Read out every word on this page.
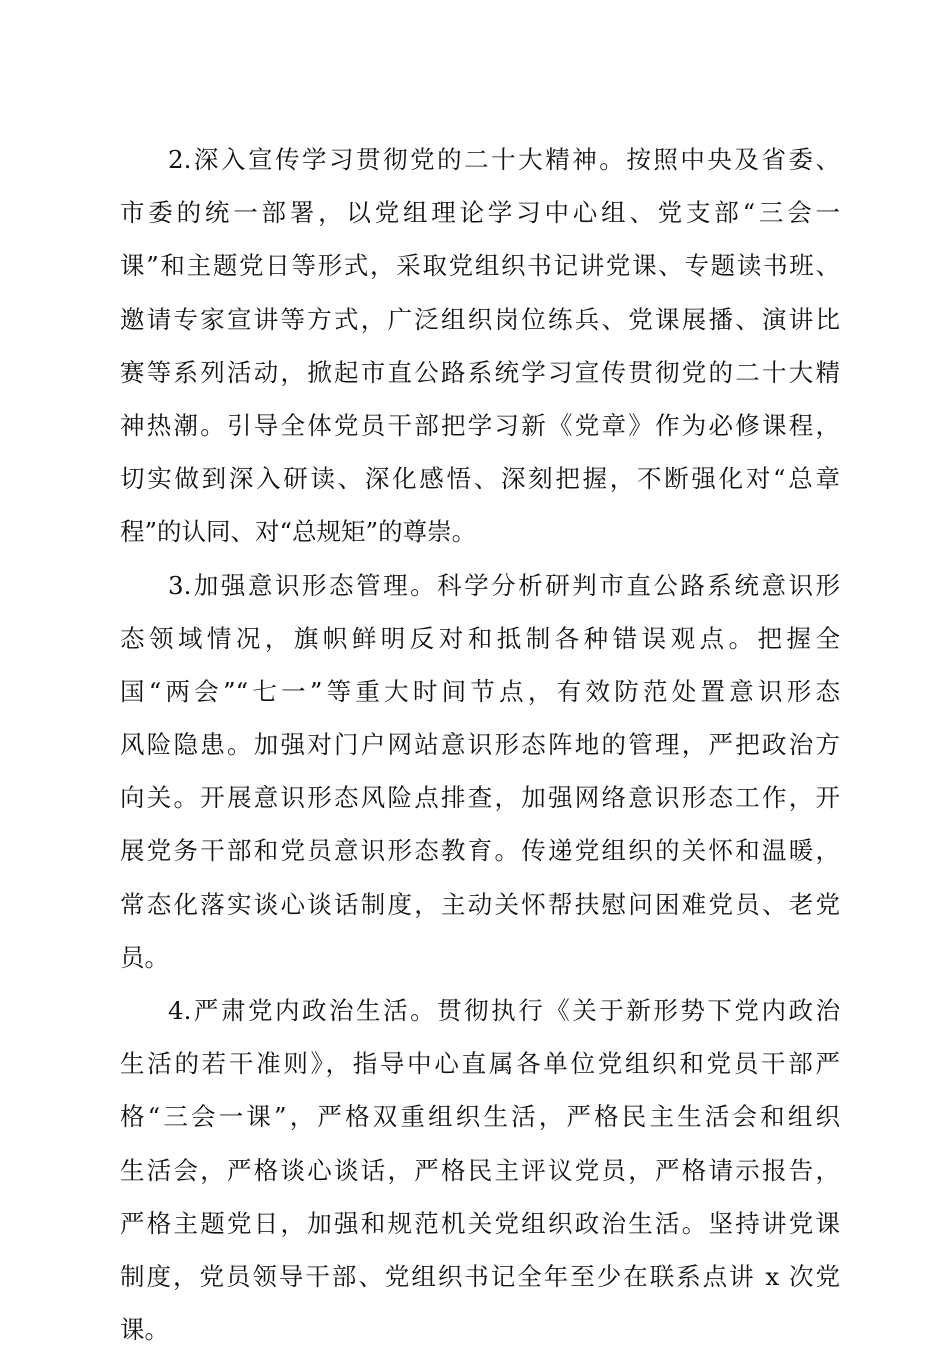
2.深入宣传学习贯彻党的二十大精神。按照中央及省委、
市委的统一部署，以党组理论学习中心组、党支部“三会一
课”和主题党日等形式，采取党组织书记讲党课、专题读书班、
邀请专家宣讲等方式，广泛组织岗位练兵、党课展播、演讲比
赛等系列活动，掀起市直公路系统学习宣传贯彻党的二十大精
神热潮。引导全体党员干部把学习新《党章》作为必修课程，
切实做到深入研读、深化感悟、深刻把握，不断强化对“总章
程”的认同、对“总规矩”的尊崇。
3.加强意识形态管理。科学分析研判市直公路系统意识形
态领域情况，旗帜鲜明反对和抵制各种错误观点。把握全
国“两会”“七一”等重大时间节点，有效防范处置意识形态
风险隐患。加强对门户网站意识形态阵地的管理，严把政治方
向关。开展意识形态风险点排查，加强网络意识形态工作，开
展党务干部和党员意识形态教育。传递党组织的关怀和温暖，
常态化落实谈心谈话制度，主动关怀帮扶慰问困难党员、老党
员。
4.严肃党内政治生活。贯彻执行《关于新形势下党内政治
生活的若干准则》，指导中心直属各单位党组织和党员干部严
格“三会一课”，严格双重组织生活，严格民主生活会和组织
生活会，严格谈心谈话，严格民主评议党员，严格请示报告，
严格主题党日，加强和规范机关党组织政治生活。坚持讲党课
制度，党员领导干部、党组织书记全年至少在联系点讲 x 次党
课。
